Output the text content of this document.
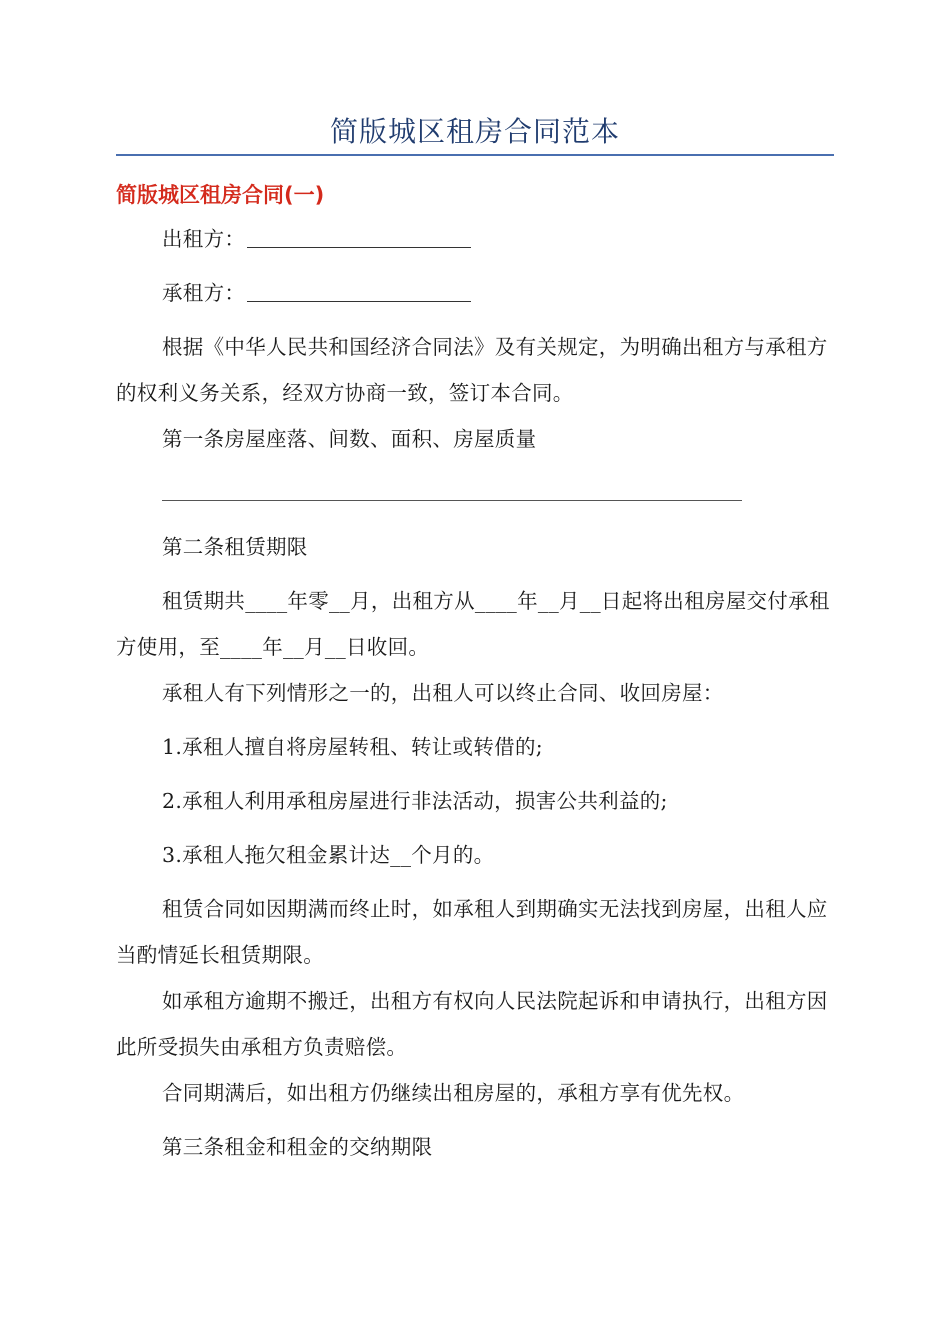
简版城区租房合同范本
简版城区租房合同(一)
出租方：
承租方：
根据《中华人民共和国经济合同法》及有关规定，为明确出租方与承租方的权利义务关系，经双方协商一致，签订本合同。
第一条房屋座落、间数、面积、房屋质量
第二条租赁期限
租赁期共____年零__月，出租方从____年__月__日起将出租房屋交付承租方使用，至____年__月__日收回。
承租人有下列情形之一的，出租人可以终止合同、收回房屋：
1.承租人擅自将房屋转租、转让或转借的;
2.承租人利用承租房屋进行非法活动，损害公共利益的;
3.承租人拖欠租金累计达__个月的。
租赁合同如因期满而终止时，如承租人到期确实无法找到房屋，出租人应当酌情延长租赁期限。
如承租方逾期不搬迁，出租方有权向人民法院起诉和申请执行，出租方因此所受损失由承租方负责赔偿。
合同期满后，如出租方仍继续出租房屋的，承租方享有优先权。
第三条租金和租金的交纳期限
